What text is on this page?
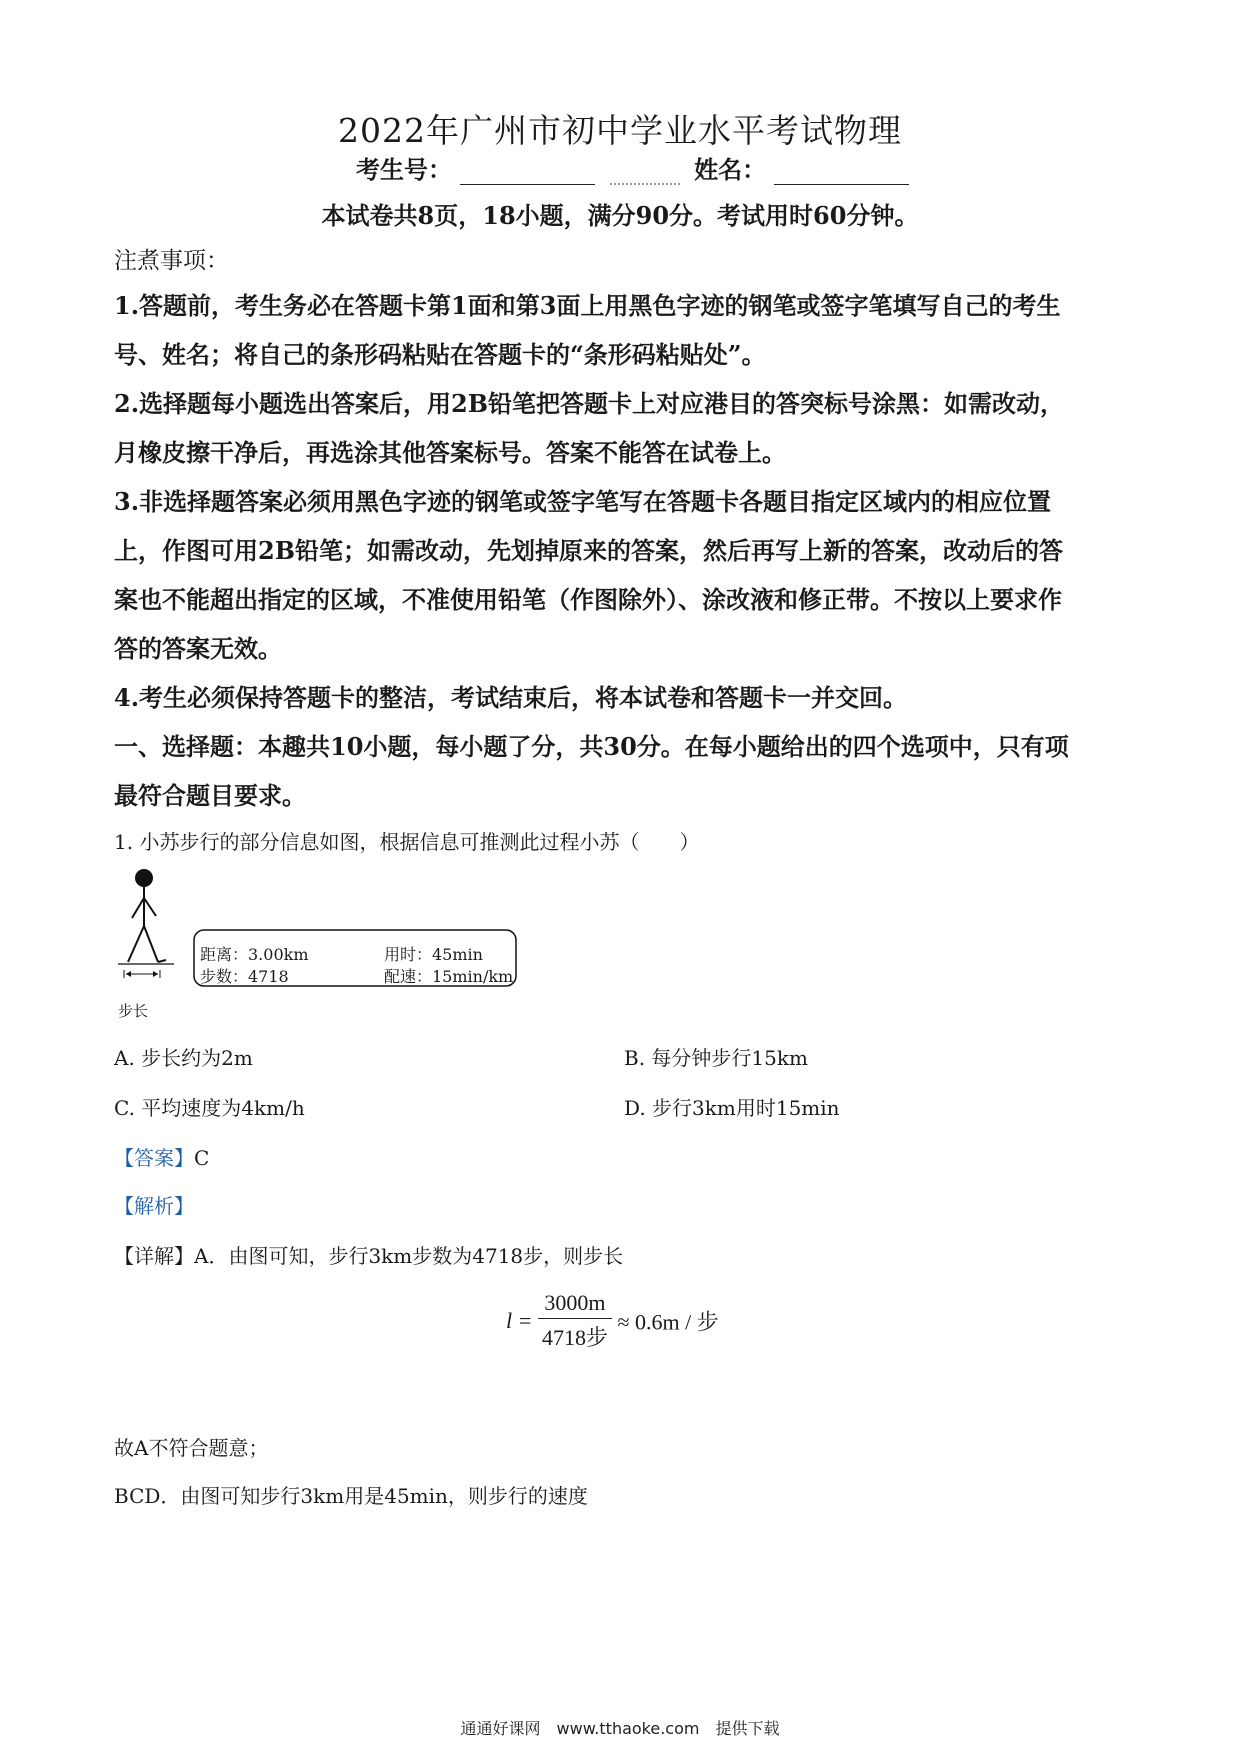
2022年广州市初中学业水平考试物理
考生号：	姓名：
本试卷共8页，18小题，满分90分。考试用时60分钟。
注煮事项：
1.答题前，考生务必在答题卡第1面和第3面上用黑色字迹的钢笔或签字笔填写自己的考生
号、姓名；将自己的条形码粘贴在答题卡的“条形码粘贴处”。
2.选择题每小题选出答案后，用2B铅笔把答题卡上对应港目的答突标号涂黑：如需改动，
月橡皮擦干净后，再选涂其他答案标号。答案不能答在试卷上。
3.非选择题答案必须用黑色字迹的钢笔或签字笔写在答题卡各题目指定区域内的相应位置
上，作图可用2B铅笔；如需改动，先划掉原来的答案，然后再写上新的答案，改动后的答
案也不能超出指定的区域，不准使用铅笔（作图除外）、涂改液和修正带。不按以上要求作
答的答案无效。
4.考生必须保持答题卡的整洁，考试结束后，将本试卷和答题卡一并交回。
一、选择题：本趣共10小题，每小题了分，共30分。在每小题给出的四个选项中，只有项
最符合题目要求。
1. 小苏步行的部分信息如图，根据信息可推测此过程小苏（　　）
距离：3.00km	用时：45min
步数：4718	配速：15min/km
步长
A. 步长约为2m	B. 每分钟步行15km
C. 平均速度为4km/h	D. 步行3km用时15min
【答案】C
【解析】
【详解】A．由图可知，步行3km步数为4718步，则步长
$l = \frac{3000m}{\text{4718步}} \approx 0.6m$ / 步
故A不符合题意；
BCD．由图可知步行3km用是45min，则步行的速度
通通好课网　www.tthaoke.com　提供下载
